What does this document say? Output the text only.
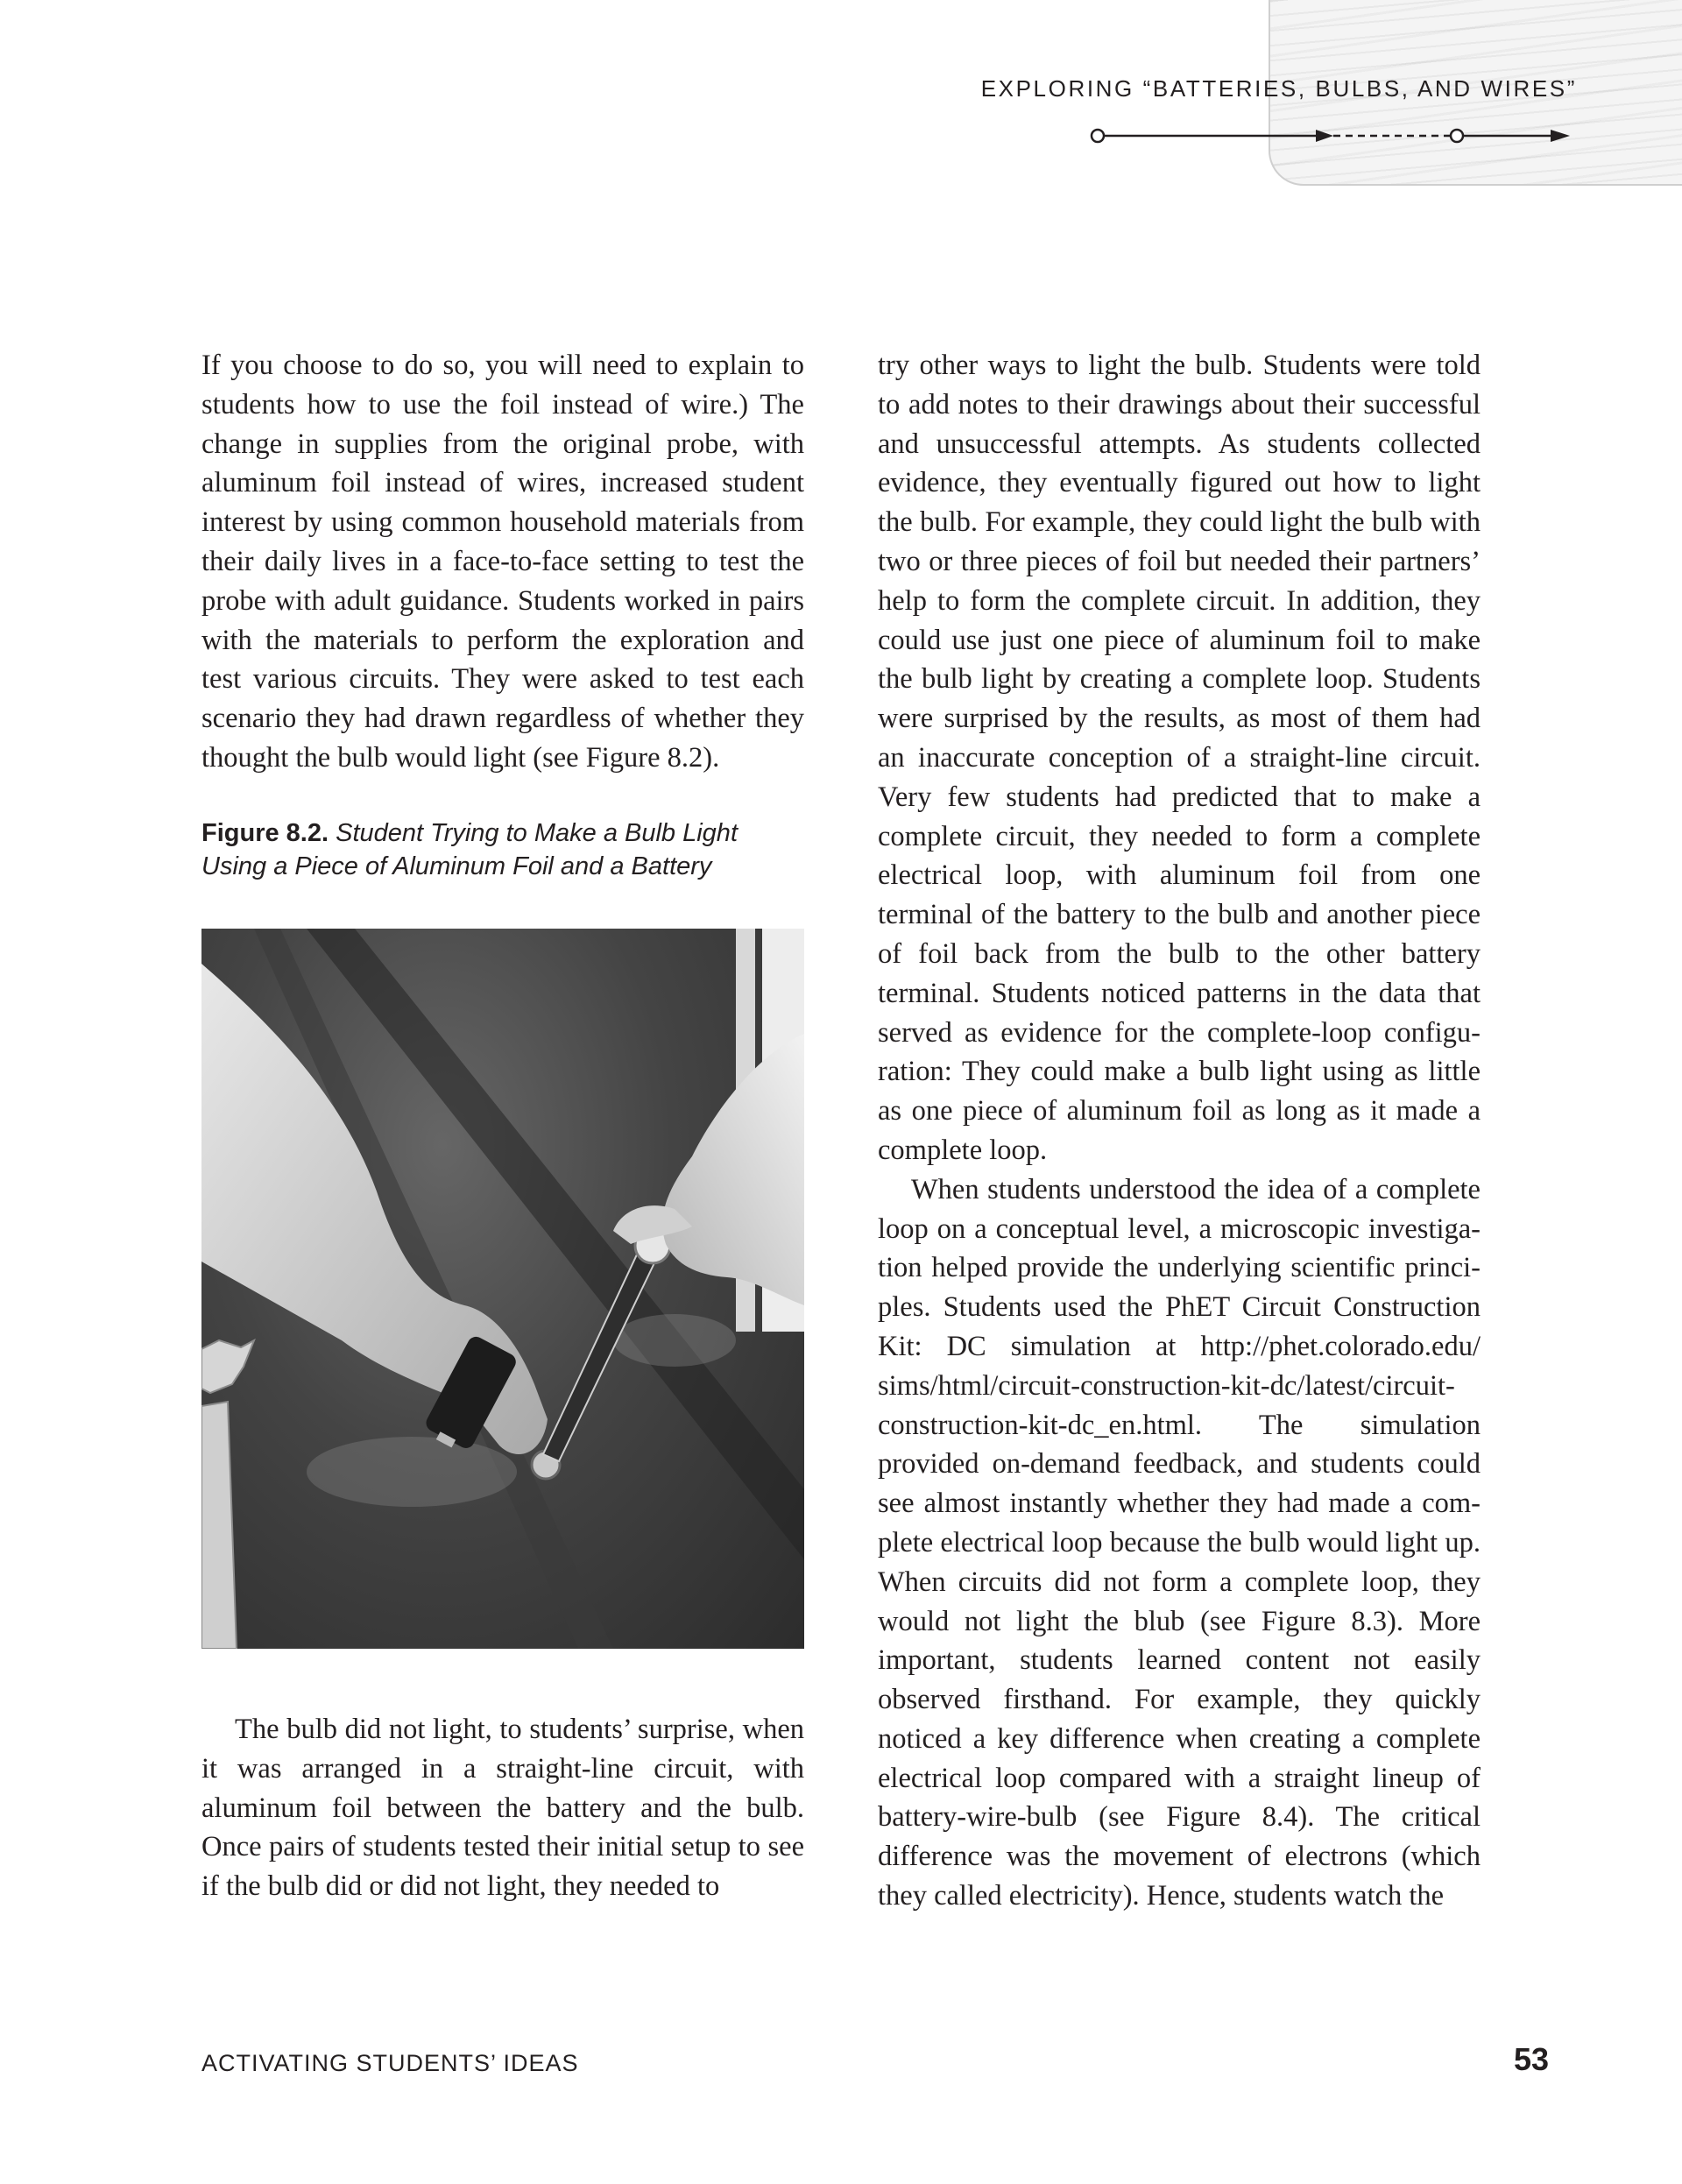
EXPLORING “BATTERIES, BULBS, AND WIRES”

If you choose to do so, you will need to explain to students how to use the foil instead of wire.) The change in supplies from the original probe, with aluminum foil instead of wires, increased student interest by using common household materials from their daily lives in a face-to-face setting to test the probe with adult guidance. Students worked in pairs with the materials to perform the exploration and test various circuits. They were asked to test each scenario they had drawn regardless of whether they thought the bulb would light (see Figure 8.2).

Figure 8.2. Student Trying to Make a Bulb Light Using a Piece of Aluminum Foil and a Battery

The bulb did not light, to students’ surprise, when it was arranged in a straight-line circuit, with aluminum foil between the battery and the bulb. Once pairs of students tested their initial setup to see if the bulb did or did not light, they needed to

try other ways to light the bulb. Students were told to add notes to their drawings about their successful and unsuccessful attempts. As students collected evidence, they eventually figured out how to light the bulb. For example, they could light the bulb with two or three pieces of foil but needed their partners’ help to form the complete circuit. In addition, they could use just one piece of aluminum foil to make the bulb light by creating a complete loop. Students were surprised by the results, as most of them had an inaccurate conception of a straight-line circuit. Very few students had predicted that to make a complete circuit, they needed to form a complete electrical loop, with aluminum foil from one terminal of the battery to the bulb and another piece of foil back from the bulb to the other battery terminal. Students noticed patterns in the data that served as evidence for the complete-loop configuration: They could make a bulb light using as little as one piece of aluminum foil as long as it made a complete loop.

When students understood the idea of a complete loop on a conceptual level, a microscopic investigation helped provide the underlying scientific principles. Students used the PhET Circuit Construction Kit: DC simulation at http://phet.colorado.edu/​sims/html/circuit-construction-kit-dc/latest/circuit-construction-kit-dc_en.html. The simulation provided on-demand feedback, and students could see almost instantly whether they had made a complete electrical loop because the bulb would light up. When circuits did not form a complete loop, they would not light the blub (see Figure 8.3). More important, students learned content not easily observed firsthand. For example, they quickly noticed a key difference when creating a complete electrical loop compared with a straight lineup of battery-wire-bulb (see Figure 8.4). The critical difference was the movement of electrons (which they called electricity). Hence, students watch the

ACTIVATING STUDENTS’ IDEAS	53
